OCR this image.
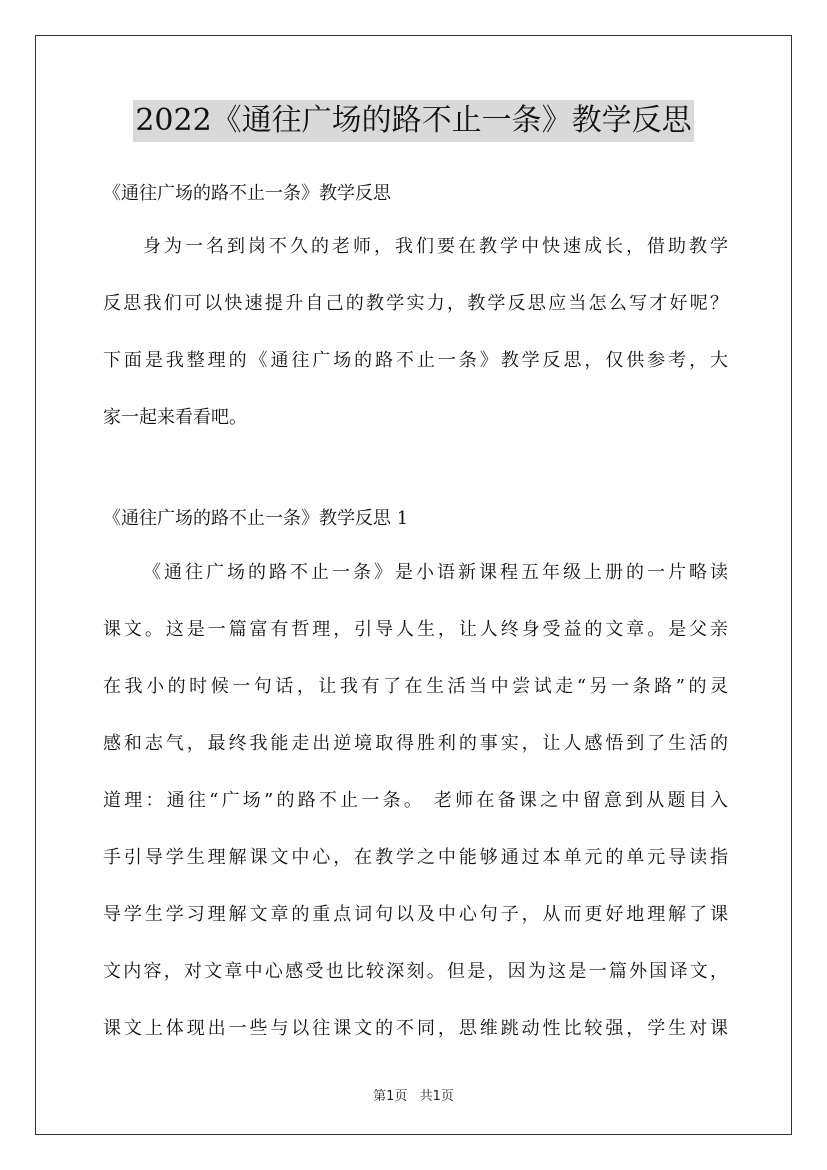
2022《通往广场的路不止一条》教学反思
《通往广场的路不止一条》教学反思
身为一名到岗不久的老师，我们要在教学中快速成长，借助教学
反思我们可以快速提升自己的教学实力，教学反思应当怎么写才好呢？
下面是我整理的《通往广场的路不止一条》教学反思，仅供参考，大
家一起来看看吧。
《通往广场的路不止一条》教学反思 1
《通往广场的路不止一条》是小语新课程五年级上册的一片略读
课文。这是一篇富有哲理，引导人生，让人终身受益的文章。是父亲
在我小的时候一句话，让我有了在生活当中尝试走“另一条路”的灵
感和志气，最终我能走出逆境取得胜利的事实，让人感悟到了生活的
道理：通往“广场”的路不止一条。 老师在备课之中留意到从题目入
手引导学生理解课文中心，在教学之中能够通过本单元的单元导读指
导学生学习理解文章的重点词句以及中心句子，从而更好地理解了课
文内容，对文章中心感受也比较深刻。但是，因为这是一篇外国译文，
课文上体现出一些与以往课文的不同，思维跳动性比较强，学生对课
第1页 共1页
